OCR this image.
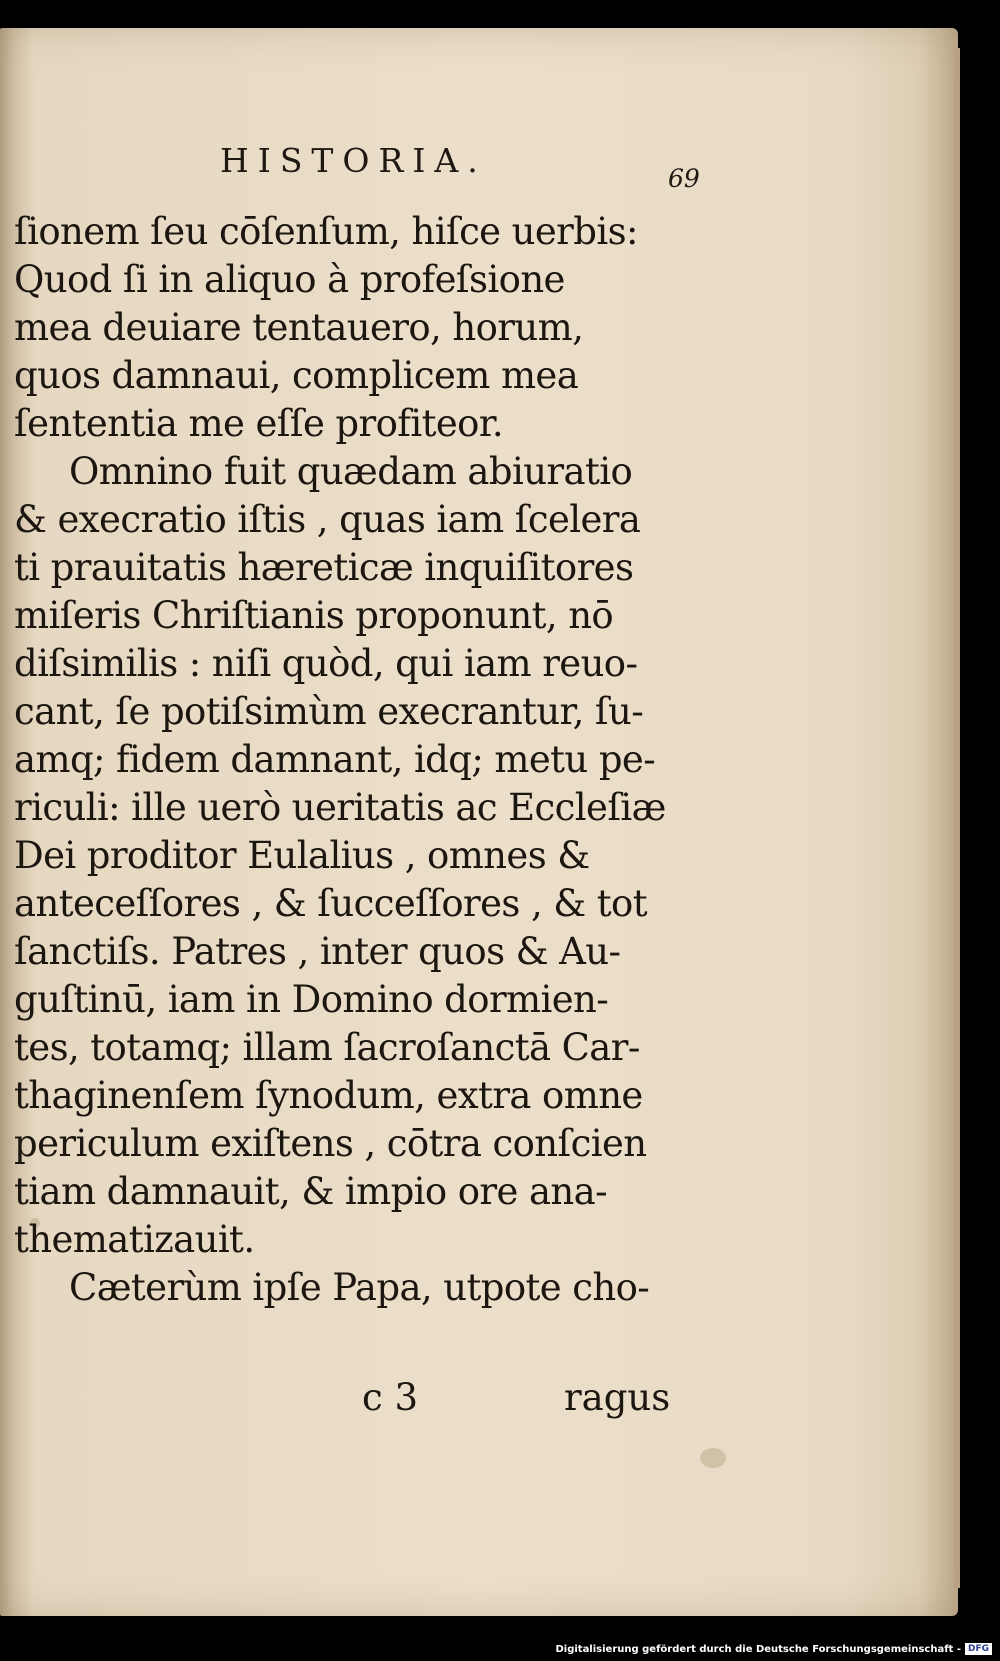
HISTORIA.	69
ſionem ſeu cōſenſum, hiſce uerbis:
Quod ſi in aliquo à profeſsione
mea deuiare tentauero, horum,
quos damnaui, complicem mea
ſententia me eſſe profiteor.
Omnino fuit quædam abiuratio
& execratio iſtis , quas iam ſcelera
ti prauitatis hæreticæ inquiſitores
miſeris Chriſtianis proponunt, nō
diſsimilis : niſi quòd, qui iam reuo-
cant, ſe potiſsimùm execrantur, ſu-
amq; fidem damnant, idq; metu pe-
riculi: ille uerò ueritatis ac Eccleſiæ
Dei proditor Eulalius , omnes &
anteceſſores , & ſucceſſores , & tot
ſanctiſs. Patres , inter quos & Au-
guſtinū, iam in Domino dormien-
tes, totamq; illam ſacroſanctā Car-
thaginenſem ſynodum, extra omne
periculum exiſtens , cōtra conſcien
tiam damnauit, & impio ore ana-
thematizauit.
Cæterùm ipſe Papa, utpote cho-
c 3	ragus
Digitalisierung gefördert durch die Deutsche Forschungsgemeinschaft - DFG
